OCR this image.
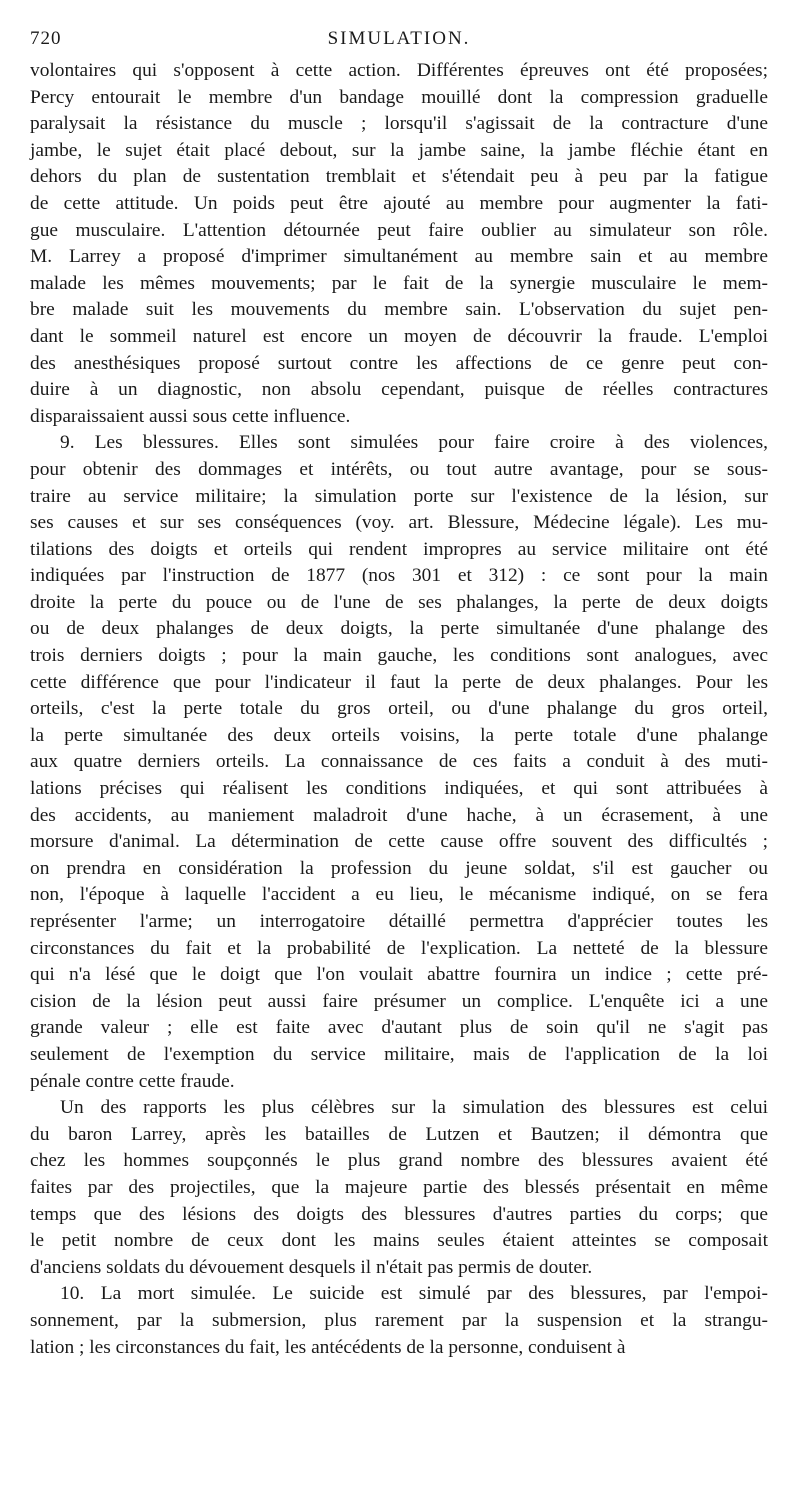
720	SIMULATION.

volontaires qui s'opposent à cette action. Différentes épreuves ont été proposées;
Percy entourait le membre d'un bandage mouillé dont la compression graduelle
paralysait la résistance du muscle ; lorsqu'il s'agissait de la contracture d'une
jambe, le sujet était placé debout, sur la jambe saine, la jambe fléchie étant en
dehors du plan de sustentation tremblait et s'étendait peu à peu par la fatigue
de cette attitude. Un poids peut être ajouté au membre pour augmenter la fati-
gue musculaire. L'attention détournée peut faire oublier au simulateur son rôle.
M. Larrey a proposé d'imprimer simultanément au membre sain et au membre
malade les mêmes mouvements; par le fait de la synergie musculaire le mem-
bre malade suit les mouvements du membre sain. L'observation du sujet pen-
dant le sommeil naturel est encore un moyen de découvrir la fraude. L'emploi
des anesthésiques proposé surtout contre les affections de ce genre peut con-
duire à un diagnostic, non absolu cependant, puisque de réelles contractures
disparaissaient aussi sous cette influence.

9. Les blessures. Elles sont simulées pour faire croire à des violences,
pour obtenir des dommages et intérêts, ou tout autre avantage, pour se sous-
traire au service militaire; la simulation porte sur l'existence de la lésion, sur
ses causes et sur ses conséquences (voy. art. Blessure, Médecine légale). Les mu-
tilations des doigts et orteils qui rendent impropres au service militaire ont été
indiquées par l'instruction de 1877 (nos 301 et 312) : ce sont pour la main
droite la perte du pouce ou de l'une de ses phalanges, la perte de deux doigts
ou de deux phalanges de deux doigts, la perte simultanée d'une phalange des
trois derniers doigts ; pour la main gauche, les conditions sont analogues, avec
cette différence que pour l'indicateur il faut la perte de deux phalanges. Pour les
orteils, c'est la perte totale du gros orteil, ou d'une phalange du gros orteil,
la perte simultanée des deux orteils voisins, la perte totale d'une phalange
aux quatre derniers orteils. La connaissance de ces faits a conduit à des muti-
lations précises qui réalisent les conditions indiquées, et qui sont attribuées à
des accidents, au maniement maladroit d'une hache, à un écrasement, à une
morsure d'animal. La détermination de cette cause offre souvent des difficultés ;
on prendra en considération la profession du jeune soldat, s'il est gaucher ou
non, l'époque à laquelle l'accident a eu lieu, le mécanisme indiqué, on se fera
représenter l'arme; un interrogatoire détaillé permettra d'apprécier toutes les
circonstances du fait et la probabilité de l'explication. La netteté de la blessure
qui n'a lésé que le doigt que l'on voulait abattre fournira un indice ; cette pré-
cision de la lésion peut aussi faire présumer un complice. L'enquête ici a une
grande valeur ; elle est faite avec d'autant plus de soin qu'il ne s'agit pas
seulement de l'exemption du service militaire, mais de l'application de la loi
pénale contre cette fraude.

Un des rapports les plus célèbres sur la simulation des blessures est celui
du baron Larrey, après les batailles de Lutzen et Bautzen; il démontra que
chez les hommes soupçonnés le plus grand nombre des blessures avaient été
faites par des projectiles, que la majeure partie des blessés présentait en même
temps que des lésions des doigts des blessures d'autres parties du corps; que
le petit nombre de ceux dont les mains seules étaient atteintes se composait
d'anciens soldats du dévouement desquels il n'était pas permis de douter.

10. La mort simulée. Le suicide est simulé par des blessures, par l'empoi-
sonnement, par la submersion, plus rarement par la suspension et la strangu-
lation ; les circonstances du fait, les antécédents de la personne, conduisent à
